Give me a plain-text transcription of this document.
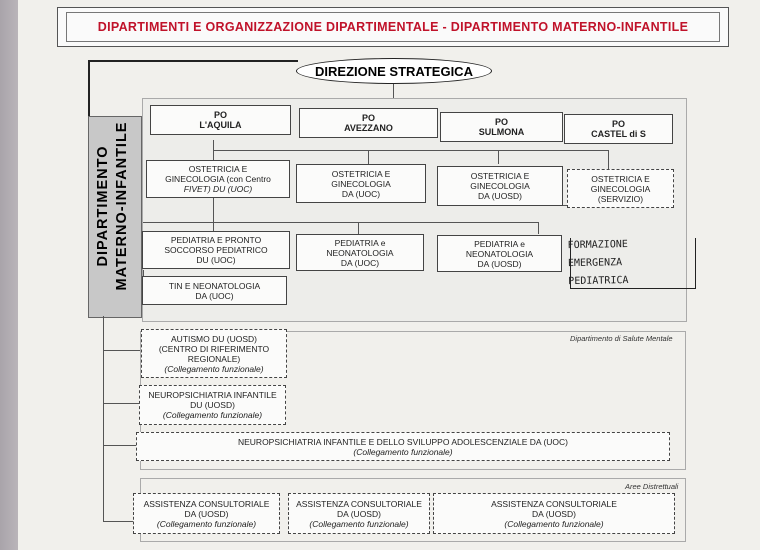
DIPARTIMENTI E ORGANIZZAZIONE DIPARTIMENTALE - DIPARTIMENTO MATERNO-INFANTILE
DIREZIONE STRATEGICA
DIPARTIMENTO MATERNO-INFANTILE
PO
L'AQUILA
PO
AVEZZANO
PO
SULMONA
PO
CASTEL di S
OSTETRICIA E
GINECOLOGIA (con Centro
FIVET) DU (UOC)
OSTETRICIA E
GINECOLOGIA
DA (UOC)
OSTETRICIA E
GINECOLOGIA
DA (UOSD)
OSTETRICIA E
GINECOLOGIA
(SERVIZIO)
PEDIATRIA E PRONTO
SOCCORSO PEDIATRICO
DU (UOC)
PEDIATRIA e
NEONATOLOGIA
DA (UOC)
PEDIATRIA e
NEONATOLOGIA
DA (UOSD)
TIN E NEONATOLOGIA
DA (UOC)
FORMAZIONE
EMERGENZA
PEDIATRICA
Dipartimento di Salute Mentale
AUTISMO DU (UOSD)
(CENTRO DI RIFERIMENTO
REGIONALE)
(Collegamento funzionale)
NEUROPSICHIATRIA INFANTILE
DU (UOSD)
(Collegamento funzionale)
NEUROPSICHIATRIA INFANTILE E DELLO SVILUPPO ADOLESCENZIALE DA (UOC)
(Collegamento funzionale)
Aree Distrettuali
ASSISTENZA CONSULTORIALE
DA (UOSD)
(Collegamento funzionale)
ASSISTENZA CONSULTORIALE
DA (UOSD)
(Collegamento funzionale)
ASSISTENZA CONSULTORIALE
DA (UOSD)
(Collegamento funzionale)
